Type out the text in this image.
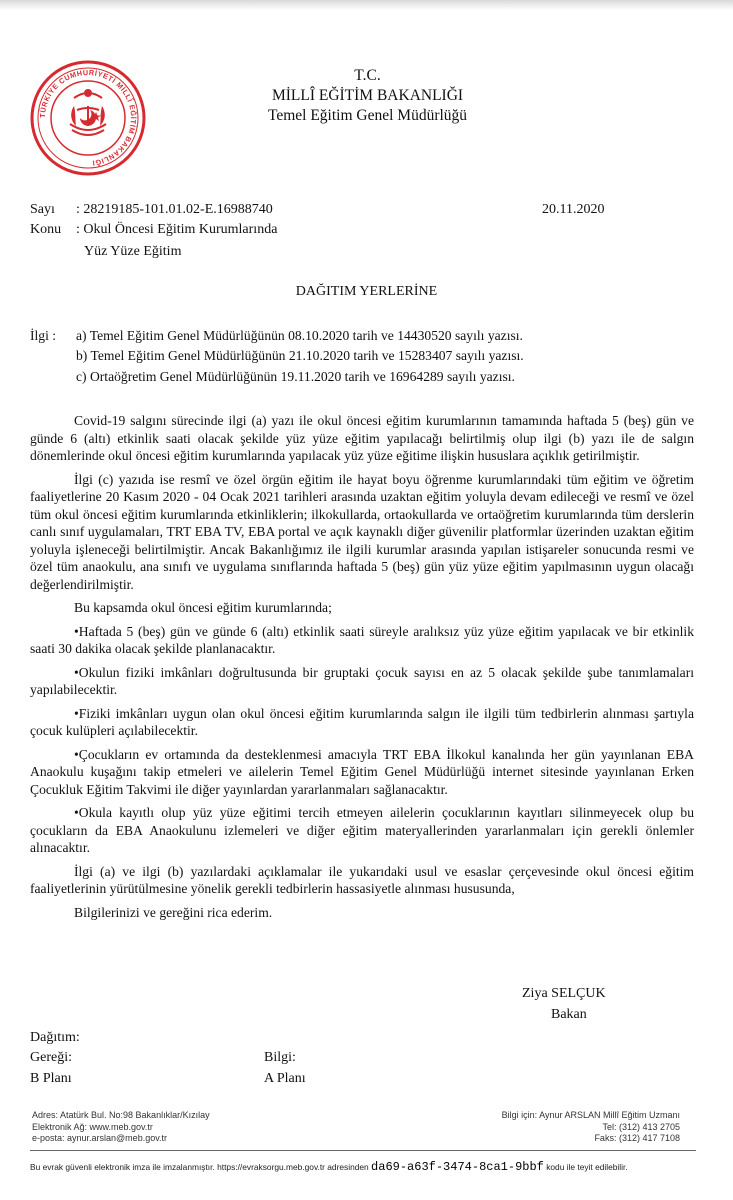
TÜRKİYE CUMHURİYETİ MİLLÎ EĞİTİM BAKANLIĞI
T.C.
MİLLÎ EĞİTİM BAKANLIĞI
Temel Eğitim Genel Müdürlüğü
Sayı : 28219185-101.01.02-E.16988740	20.11.2020
Konu : Okul Öncesi Eğitim Kurumlarında
Yüz Yüze Eğitim
DAĞITIM YERLERİNE
İlgi : a) Temel Eğitim Genel Müdürlüğünün 08.10.2020 tarih ve 14430520 sayılı yazısı.
b) Temel Eğitim Genel Müdürlüğünün 21.10.2020 tarih ve 15283407 sayılı yazısı.
c) Ortaöğretim Genel Müdürlüğünün 19.11.2020 tarih ve 16964289 sayılı yazısı.

Covid-19 salgını sürecinde ilgi (a) yazı ile okul öncesi eğitim kurumlarının tamamında haftada 5 (beş) gün ve günde 6 (altı) etkinlik saati olacak şekilde yüz yüze eğitim yapılacağı belirtilmiş olup ilgi (b) yazı ile de salgın dönemlerinde okul öncesi eğitim kurumlarında yapılacak yüz yüze eğitime ilişkin hususlara açıklık getirilmiştir.

İlgi (c) yazıda ise resmî ve özel örgün eğitim ile hayat boyu öğrenme kurumlarındaki tüm eğitim ve öğretim faaliyetlerine 20 Kasım 2020 - 04 Ocak 2021 tarihleri arasında uzaktan eğitim yoluyla devam edileceği ve resmî ve özel tüm okul öncesi eğitim kurumlarında etkinliklerin; ilkokullarda, ortaokullarda ve ortaöğretim kurumlarında tüm derslerin canlı sınıf uygulamaları, TRT EBA TV, EBA portal ve açık kaynaklı diğer güvenilir platformlar üzerinden uzaktan eğitim yoluyla işleneceği belirtilmiştir. Ancak Bakanlığımız ile ilgili kurumlar arasında yapılan istişareler sonucunda resmi ve özel tüm anaokulu, ana sınıfı ve uygulama sınıflarında haftada 5 (beş) gün yüz yüze eğitim yapılmasının uygun olacağı değerlendirilmiştir.

Bu kapsamda okul öncesi eğitim kurumlarında;

•Haftada 5 (beş) gün ve günde 6 (altı) etkinlik saati süreyle aralıksız yüz yüze eğitim yapılacak ve bir etkinlik saati 30 dakika olacak şekilde planlanacaktır.

•Okulun fiziki imkânları doğrultusunda bir gruptaki çocuk sayısı en az 5 olacak şekilde şube tanımlamaları yapılabilecektir.

•Fiziki imkânları uygun olan okul öncesi eğitim kurumlarında salgın ile ilgili tüm tedbirlerin alınması şartıyla çocuk kulüpleri açılabilecektir.

•Çocukların ev ortamında da desteklenmesi amacıyla TRT EBA İlkokul kanalında her gün yayınlanan EBA Anaokulu kuşağını takip etmeleri ve ailelerin Temel Eğitim Genel Müdürlüğü internet sitesinde yayınlanan Erken Çocukluk Eğitim Takvimi ile diğer yayınlardan yararlanmaları sağlanacaktır.

•Okula kayıtlı olup yüz yüze eğitimi tercih etmeyen ailelerin çocuklarının kayıtları silinmeyecek olup bu çocukların da EBA Anaokulunu izlemeleri ve diğer eğitim materyallerinden yararlanmaları için gerekli önlemler alınacaktır.

İlgi (a) ve ilgi (b) yazılardaki açıklamalar ile yukarıdaki usul ve esaslar çerçevesinde okul öncesi eğitim faaliyetlerinin yürütülmesine yönelik gerekli tedbirlerin hassasiyetle alınması hususunda,

Bilgilerinizi ve gereğini rica ederim.

Ziya SELÇUK
Bakan
Dağıtım:
Gereği:
B Planı
Bilgi:
A Planı
Adres: Atatürk Bul. No:98 Bakanlıklar/Kızılay
Elektronik Ağ: www.meb.gov.tr
e-posta: aynur.arslan@meb.gov.tr
Bilgi için: Aynur ARSLAN Millî Eğitim Uzmanı
Tel: (312) 413 2705
Faks: (312) 417 7108
Bu evrak güvenli elektronik imza ile imzalanmıştır. https://evraksorgu.meb.gov.tr adresinden da69-a63f-3474-8ca1-9bbf kodu ile teyit edilebilir.
